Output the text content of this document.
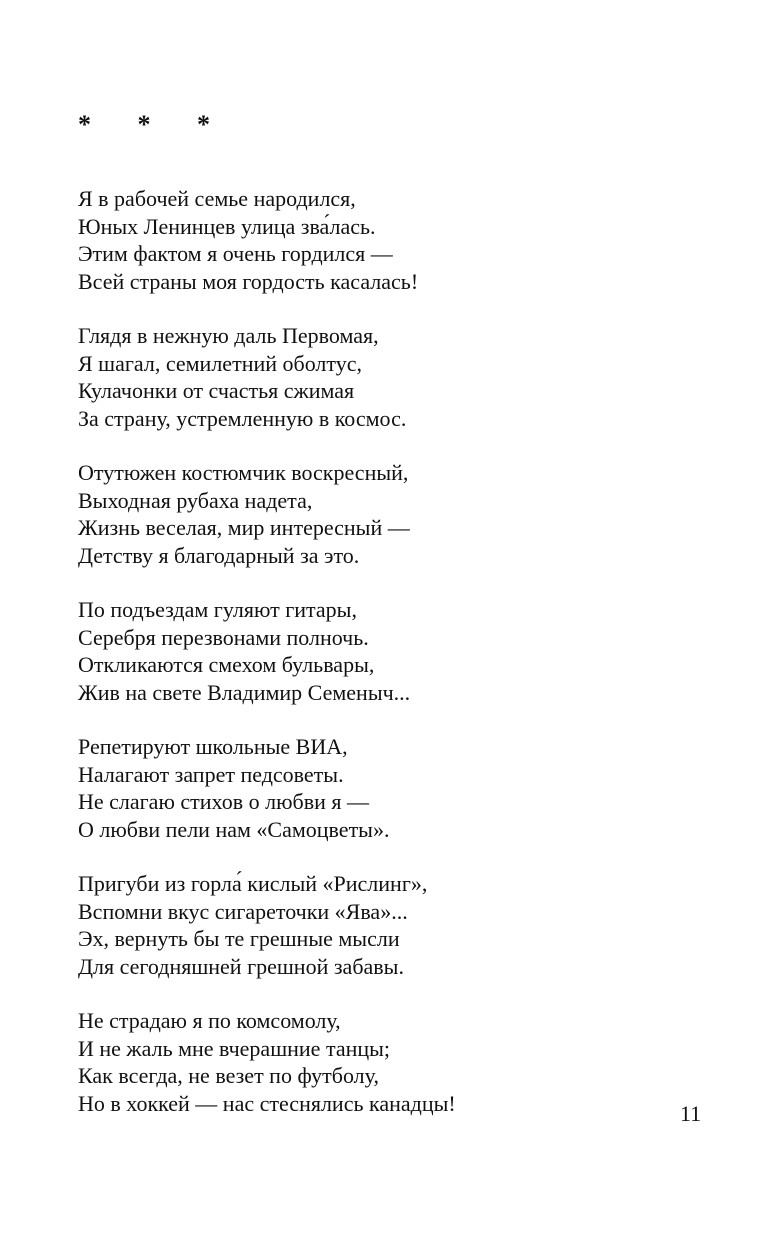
* * *
Я в рабочей семье народился,
Юных Ленинцев улица зва́лась.
Этим фактом я очень гордился —
Всей страны моя гордость касалась!
Глядя в нежную даль Первомая,
Я шагал, семилетний оболтус,
Кулачонки от счастья сжимая
За страну, устремленную в космос.
Отутюжен костюмчик воскресный,
Выходная рубаха надета,
Жизнь веселая, мир интересный —
Детству я благодарный за это.
По подъездам гуляют гитары,
Серебря перезвонами полночь.
Откликаются смехом бульвары,
Жив на свете Владимир Семеныч...
Репетируют школьные ВИА,
Налагают запрет педсоветы.
Не слагаю стихов о любви я —
О любви пели нам «Самоцветы».
Пригуби из горла́ кислый «Рислинг»,
Вспомни вкус сигареточки «Ява»...
Эх, вернуть бы те грешные мысли
Для сегодняшней грешной забавы.
Не страдаю я по комсомолу,
И не жаль мне вчерашние танцы;
Как всегда, не везет по футболу,
Но в хоккей — нас стеснялись канадцы!	11
